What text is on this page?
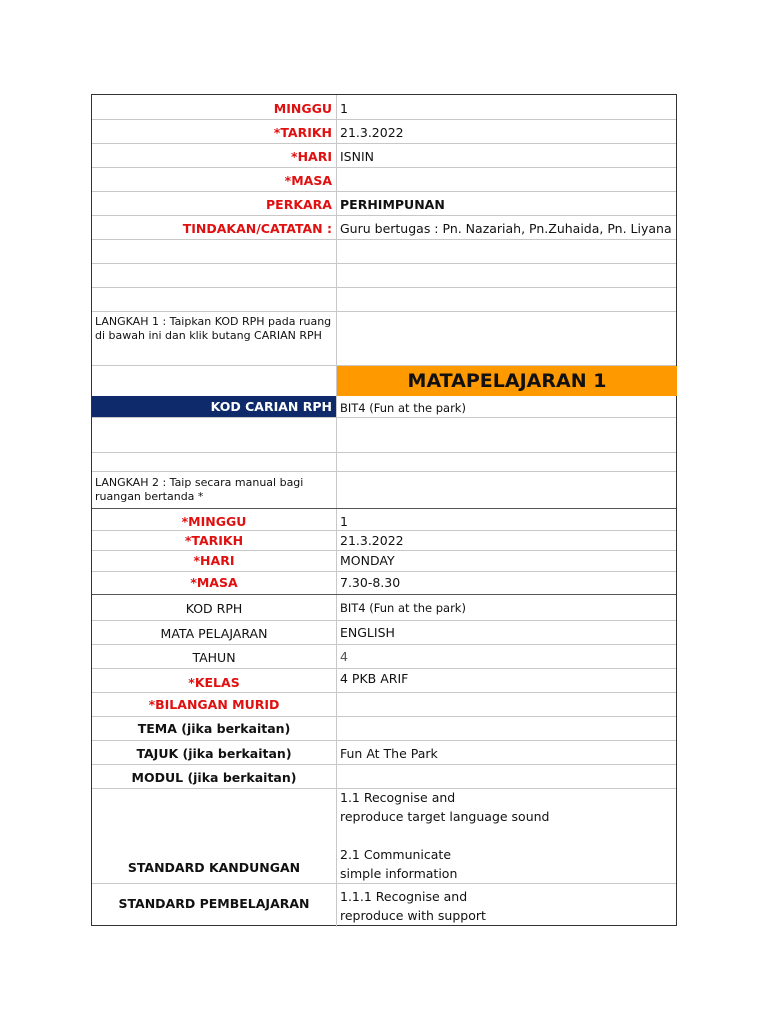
MINGGU 1
*TARIKH 21.3.2022
*HARI ISNIN
*MASA
PERKARA PERHIMPUNAN
TINDAKAN/CATATAN : Guru bertugas : Pn. Nazariah, Pn.Zuhaida, Pn. Liyana
LANGKAH 1 : Taipkan KOD RPH pada ruang di bawah ini dan klik butang CARIAN RPH
MATAPELAJARAN 1
KOD CARIAN RPH BIT4 (Fun at the park)
LANGKAH 2 : Taip secara manual bagi ruangan bertanda *
*MINGGU	1
*TARIKH	21.3.2022
*HARI	MONDAY
*MASA	7.30-8.30
KOD RPH	BIT4 (Fun at the park)
MATA PELAJARAN	ENGLISH
TAHUN	4
*KELAS	4 PKB ARIF
*BILANGAN MURID
TEMA (jika berkaitan)
TAJUK (jika berkaitan)	Fun At The Park
MODUL (jika berkaitan)
STANDARD KANDUNGAN
1.1 Recognise and
reproduce target language sound
2.1 Communicate
simple information
STANDARD PEMBELAJARAN	1.1.1 Recognise and
reproduce with support
